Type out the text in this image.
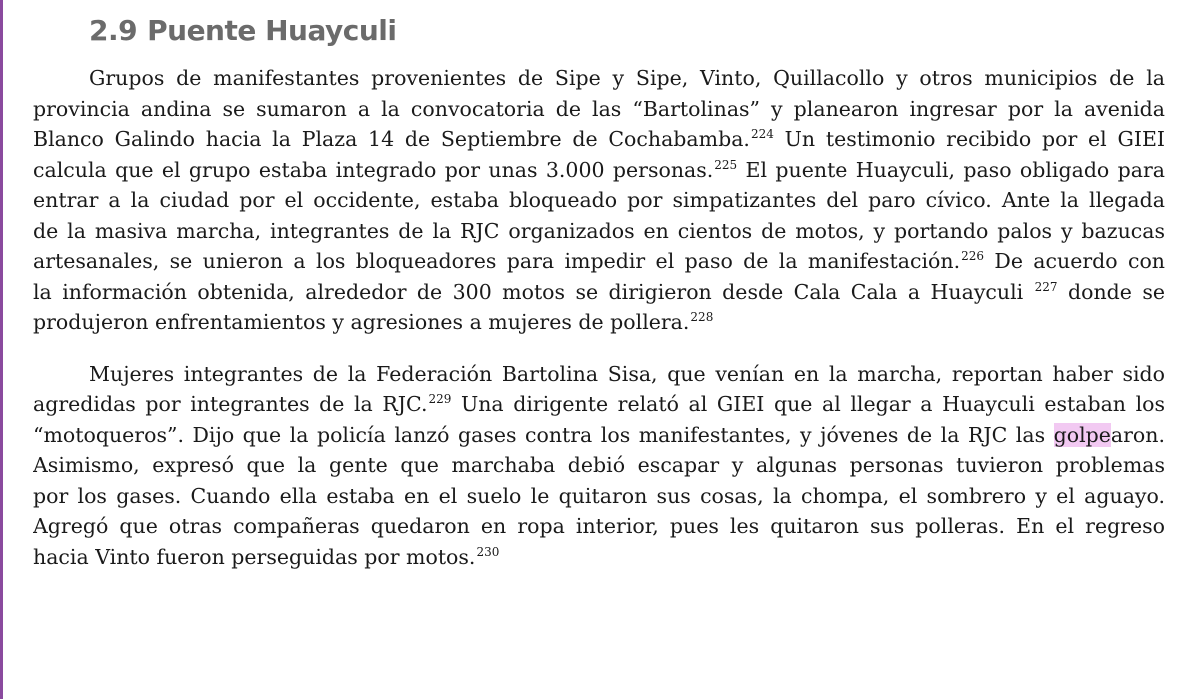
2.9 Puente Huayculi
Grupos de manifestantes provenientes de Sipe y Sipe, Vinto, Quillacollo y otros municipios de la
provincia andina se sumaron a la convocatoria de las “Bartolinas” y planearon ingresar por la avenida
Blanco Galindo hacia la Plaza 14 de Septiembre de Cochabamba.$^{224}$ Un testimonio recibido por el GIEI
calcula que el grupo estaba integrado por unas 3.000 personas.$^{225}$ El puente Huayculi, paso obligado para
entrar a la ciudad por el occidente, estaba bloqueado por simpatizantes del paro cívico. Ante la llegada
de la masiva marcha, integrantes de la RJC organizados en cientos de motos, y portando palos y bazucas
artesanales, se unieron a los bloqueadores para impedir el paso de la manifestación.$^{226}$ De acuerdo con
la información obtenida, alrededor de 300 motos se dirigieron desde Cala Cala a Huayculi $^{227}$ donde se
produjeron enfrentamientos y agresiones a mujeres de pollera.$^{228}$
Mujeres integrantes de la Federación Bartolina Sisa, que venían en la marcha, reportan haber sido
agredidas por integrantes de la RJC.$^{229}$ Una dirigente relató al GIEI que al llegar a Huayculi estaban los
“motoqueros”. Dijo que la policía lanzó gases contra los manifestantes, y jóvenes de la RJC las golpearon.
Asimismo, expresó que la gente que marchaba debió escapar y algunas personas tuvieron problemas
por los gases. Cuando ella estaba en el suelo le quitaron sus cosas, la chompa, el sombrero y el aguayo.
Agregó que otras compañeras quedaron en ropa interior, pues les quitaron sus polleras. En el regreso
hacia Vinto fueron perseguidas por motos.$^{230}$
